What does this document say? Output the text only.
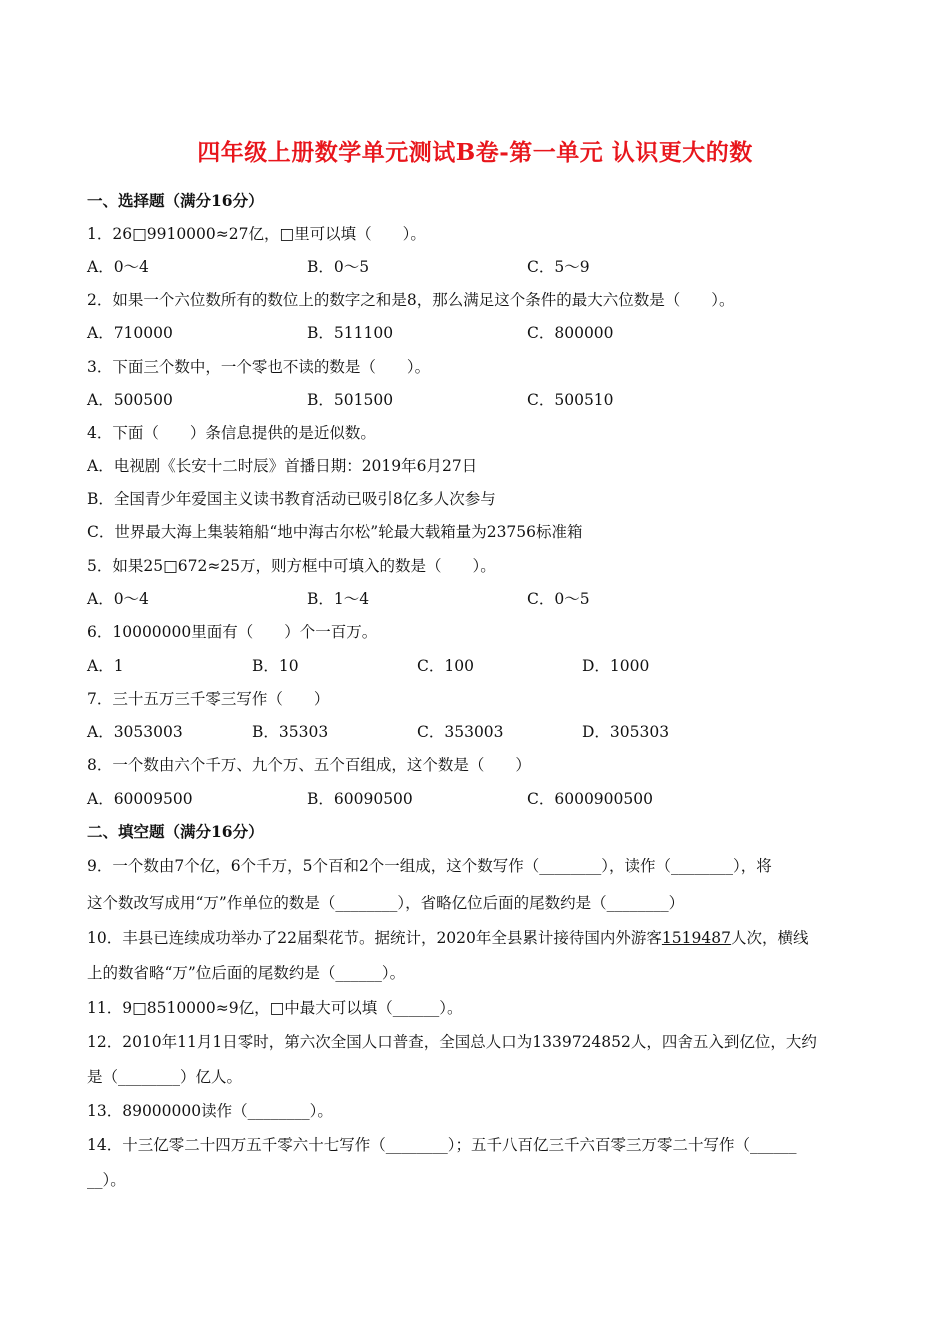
四年级上册数学单元测试B卷-第一单元 认识更大的数
一、选择题（满分16分）
1．26□9910000≈27亿，□里可以填（　　）。
A．0～4	B．0～5	C．5～9
2．如果一个六位数所有的数位上的数字之和是8，那么满足这个条件的最大六位数是（　　）。
A．710000	B．511100	C．800000
3．下面三个数中，一个零也不读的数是（　　）。
A．500500	B．501500	C．500510
4．下面（　　）条信息提供的是近似数。
A．电视剧《长安十二时辰》首播日期：2019年6月27日
B．全国青少年爱国主义读书教育活动已吸引8亿多人次参与
C．世界最大海上集装箱船“地中海古尔松”轮最大载箱量为23756标准箱
5．如果25□672≈25万，则方框中可填入的数是（　　）。
A．0～4	B．1～4	C．0～5
6．10000000里面有（　　）个一百万。
A．1	B．10	C．100	D．1000
7．三十五万三千零三写作（　　）
A．3053003	B．35303	C．353003	D．305303
8．一个数由六个千万、九个万、五个百组成，这个数是（　　）
A．60009500	B．60090500	C．6000900500
二、填空题（满分16分）
9．一个数由7个亿，6个千万，5个百和2个一组成，这个数写作（________），读作（________），将
这个数改写成用“万”作单位的数是（________），省略亿位后面的尾数约是（________）
10．丰县已连续成功举办了22届梨花节。据统计，2020年全县累计接待国内外游客1519487人次，横线
上的数省略“万”位后面的尾数约是（______）。
11．9□8510000≈9亿，□中最大可以填（______）。
12．2010年11月1日零时，第六次全国人口普查，全国总人口为1339724852人，四舍五入到亿位，大约
是（________）亿人。
13．89000000读作（________）。
14．十三亿零二十四万五千零六十七写作（________）；五千八百亿三千六百零三万零二十写作（______
__）。
